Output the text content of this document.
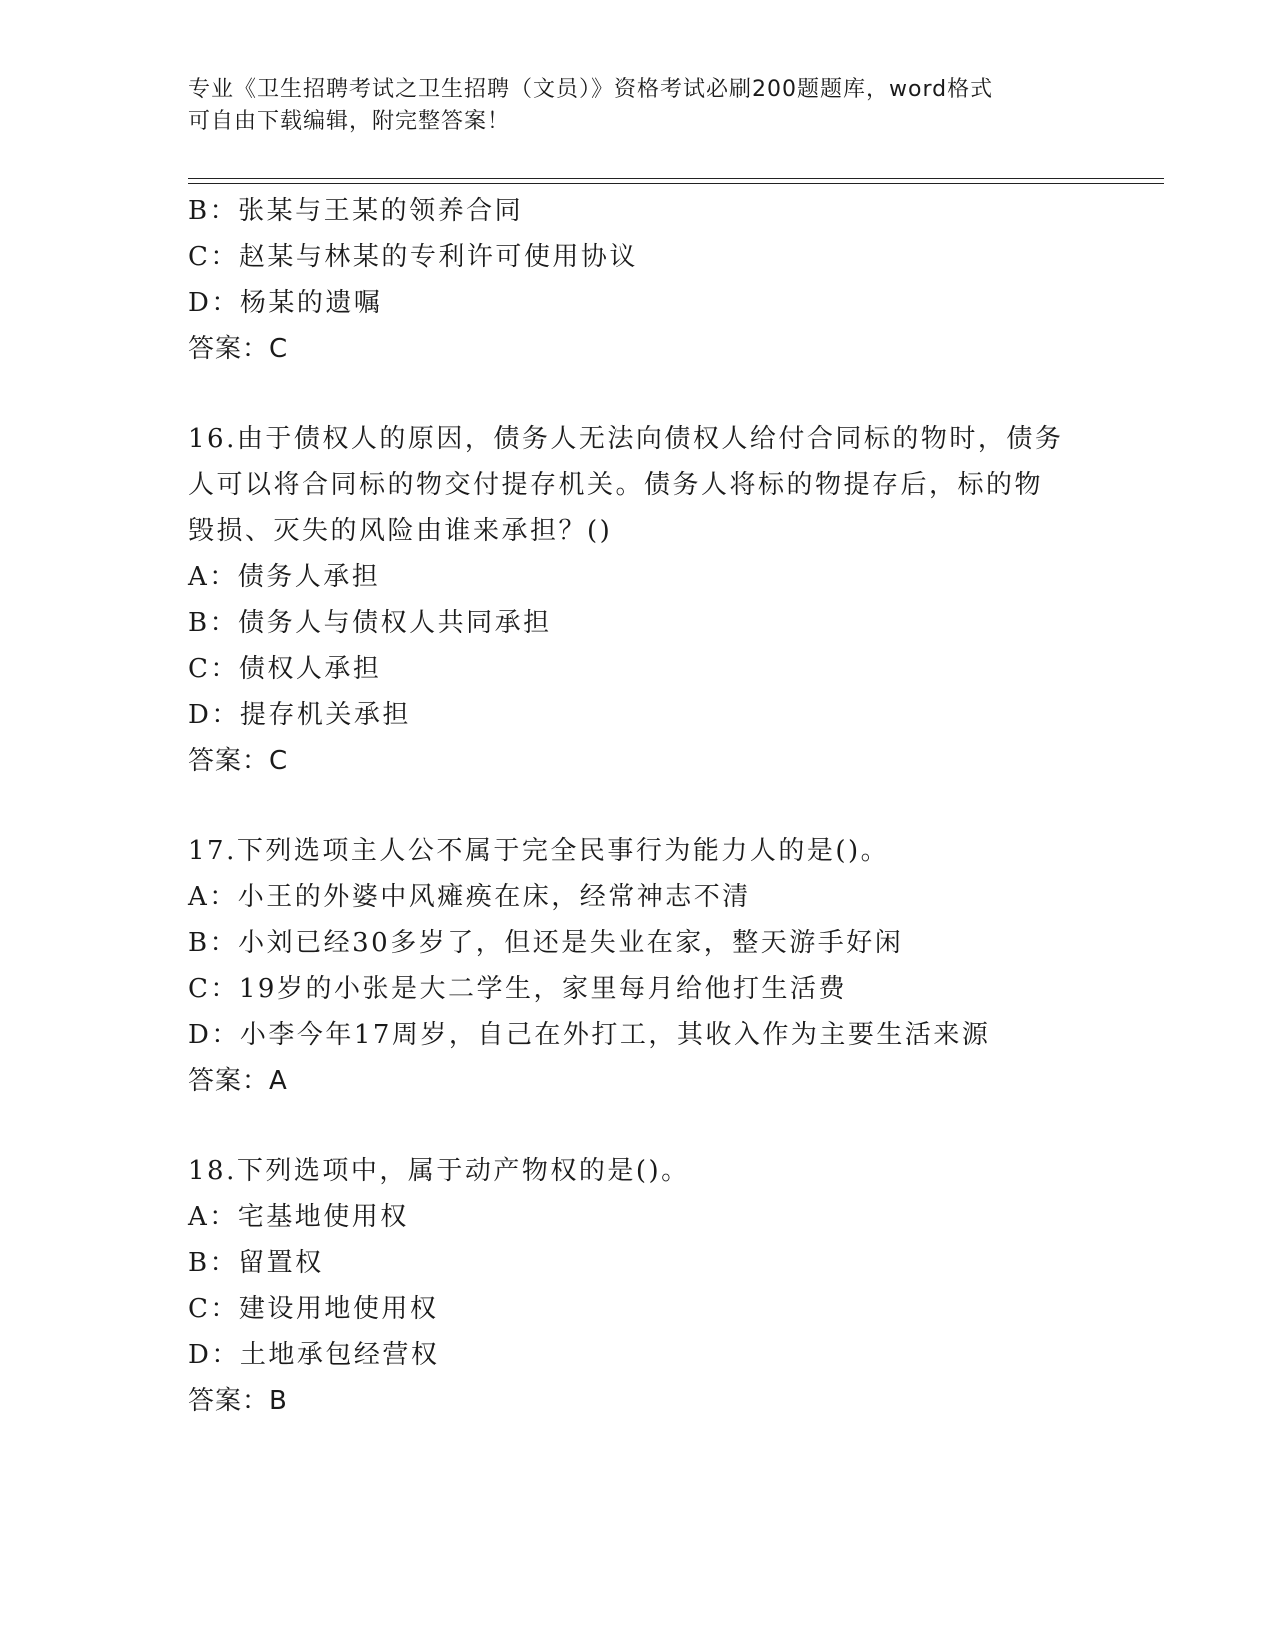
专业《卫生招聘考试之卫生招聘（文员）》资格考试必刷200题题库，word格式
可自由下载编辑，附完整答案！
B：张某与王某的领养合同
C：赵某与林某的专利许可使用协议
D：杨某的遗嘱
答案：C
16.由于债权人的原因，债务人无法向债权人给付合同标的物时，债务
人可以将合同标的物交付提存机关。债务人将标的物提存后，标的物
毁损、灭失的风险由谁来承担？()
A：债务人承担
B：债务人与债权人共同承担
C：债权人承担
D：提存机关承担
答案：C
17.下列选项主人公不属于完全民事行为能力人的是()。
A：小王的外婆中风瘫痪在床，经常神志不清
B：小刘已经30多岁了，但还是失业在家，整天游手好闲
C：19岁的小张是大二学生，家里每月给他打生活费
D：小李今年17周岁，自己在外打工，其收入作为主要生活来源
答案：A
18.下列选项中，属于动产物权的是()。
A：宅基地使用权
B：留置权
C：建设用地使用权
D：土地承包经营权
答案：B
